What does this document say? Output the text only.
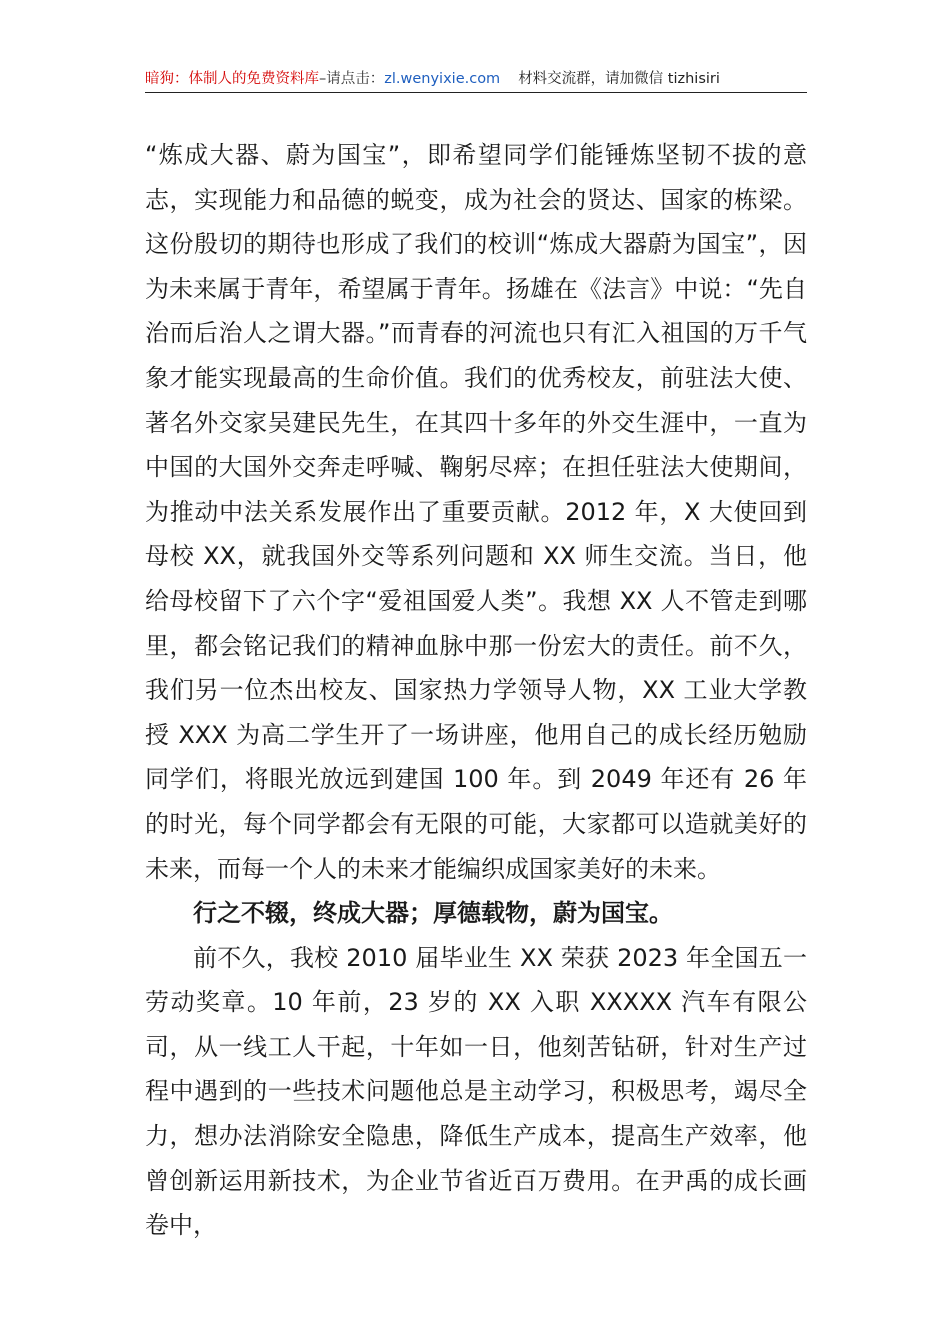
暗狗：体制人的免费资料库–请点击：zl.wenyixie.com 材料交流群，请加微信 tizhisiri

“炼成大器、蔚为国宝”，即希望同学们能锤炼坚韧不拔的意志，实现能力和品德的蜕变，成为社会的贤达、国家的栋梁。这份殷切的期待也形成了我们的校训“炼成大器蔚为国宝”，因为未来属于青年，希望属于青年。扬雄在《法言》中说：“先自治而后治人之谓大器。”而青春的河流也只有汇入祖国的万千气象才能实现最高的生命价值。我们的优秀校友，前驻法大使、著名外交家吴建民先生，在其四十多年的外交生涯中，一直为中国的大国外交奔走呼喊、鞠躬尽瘁；在担任驻法大使期间，为推动中法关系发展作出了重要贡献。2012 年，X 大使回到母校 XX，就我国外交等系列问题和 XX 师生交流。当日，他给母校留下了六个字“爱祖国爱人类”。我想 XX 人不管走到哪里，都会铭记我们的精神血脉中那一份宏大的责任。前不久，我们另一位杰出校友、国家热力学领导人物，XX 工业大学教授 XXX 为高二学生开了一场讲座，他用自己的成长经历勉励同学们，将眼光放远到建国 100 年。到 2049 年还有 26 年的时光，每个同学都会有无限的可能，大家都可以造就美好的未来，而每一个人的未来才能编织成国家美好的未来。

行之不辍，终成大器；厚德载物，蔚为国宝。

前不久，我校 2010 届毕业生 XX 荣获 2023 年全国五一劳动奖章。10 年前，23 岁的 XX 入职 XXXXX 汽车有限公司，从一线工人干起，十年如一日，他刻苦钻研，针对生产过程中遇到的一些技术问题他总是主动学习，积极思考，竭尽全力，想办法消除安全隐患，降低生产成本，提高生产效率，他曾创新运用新技术，为企业节省近百万费用。在尹禹的成长画卷中，
